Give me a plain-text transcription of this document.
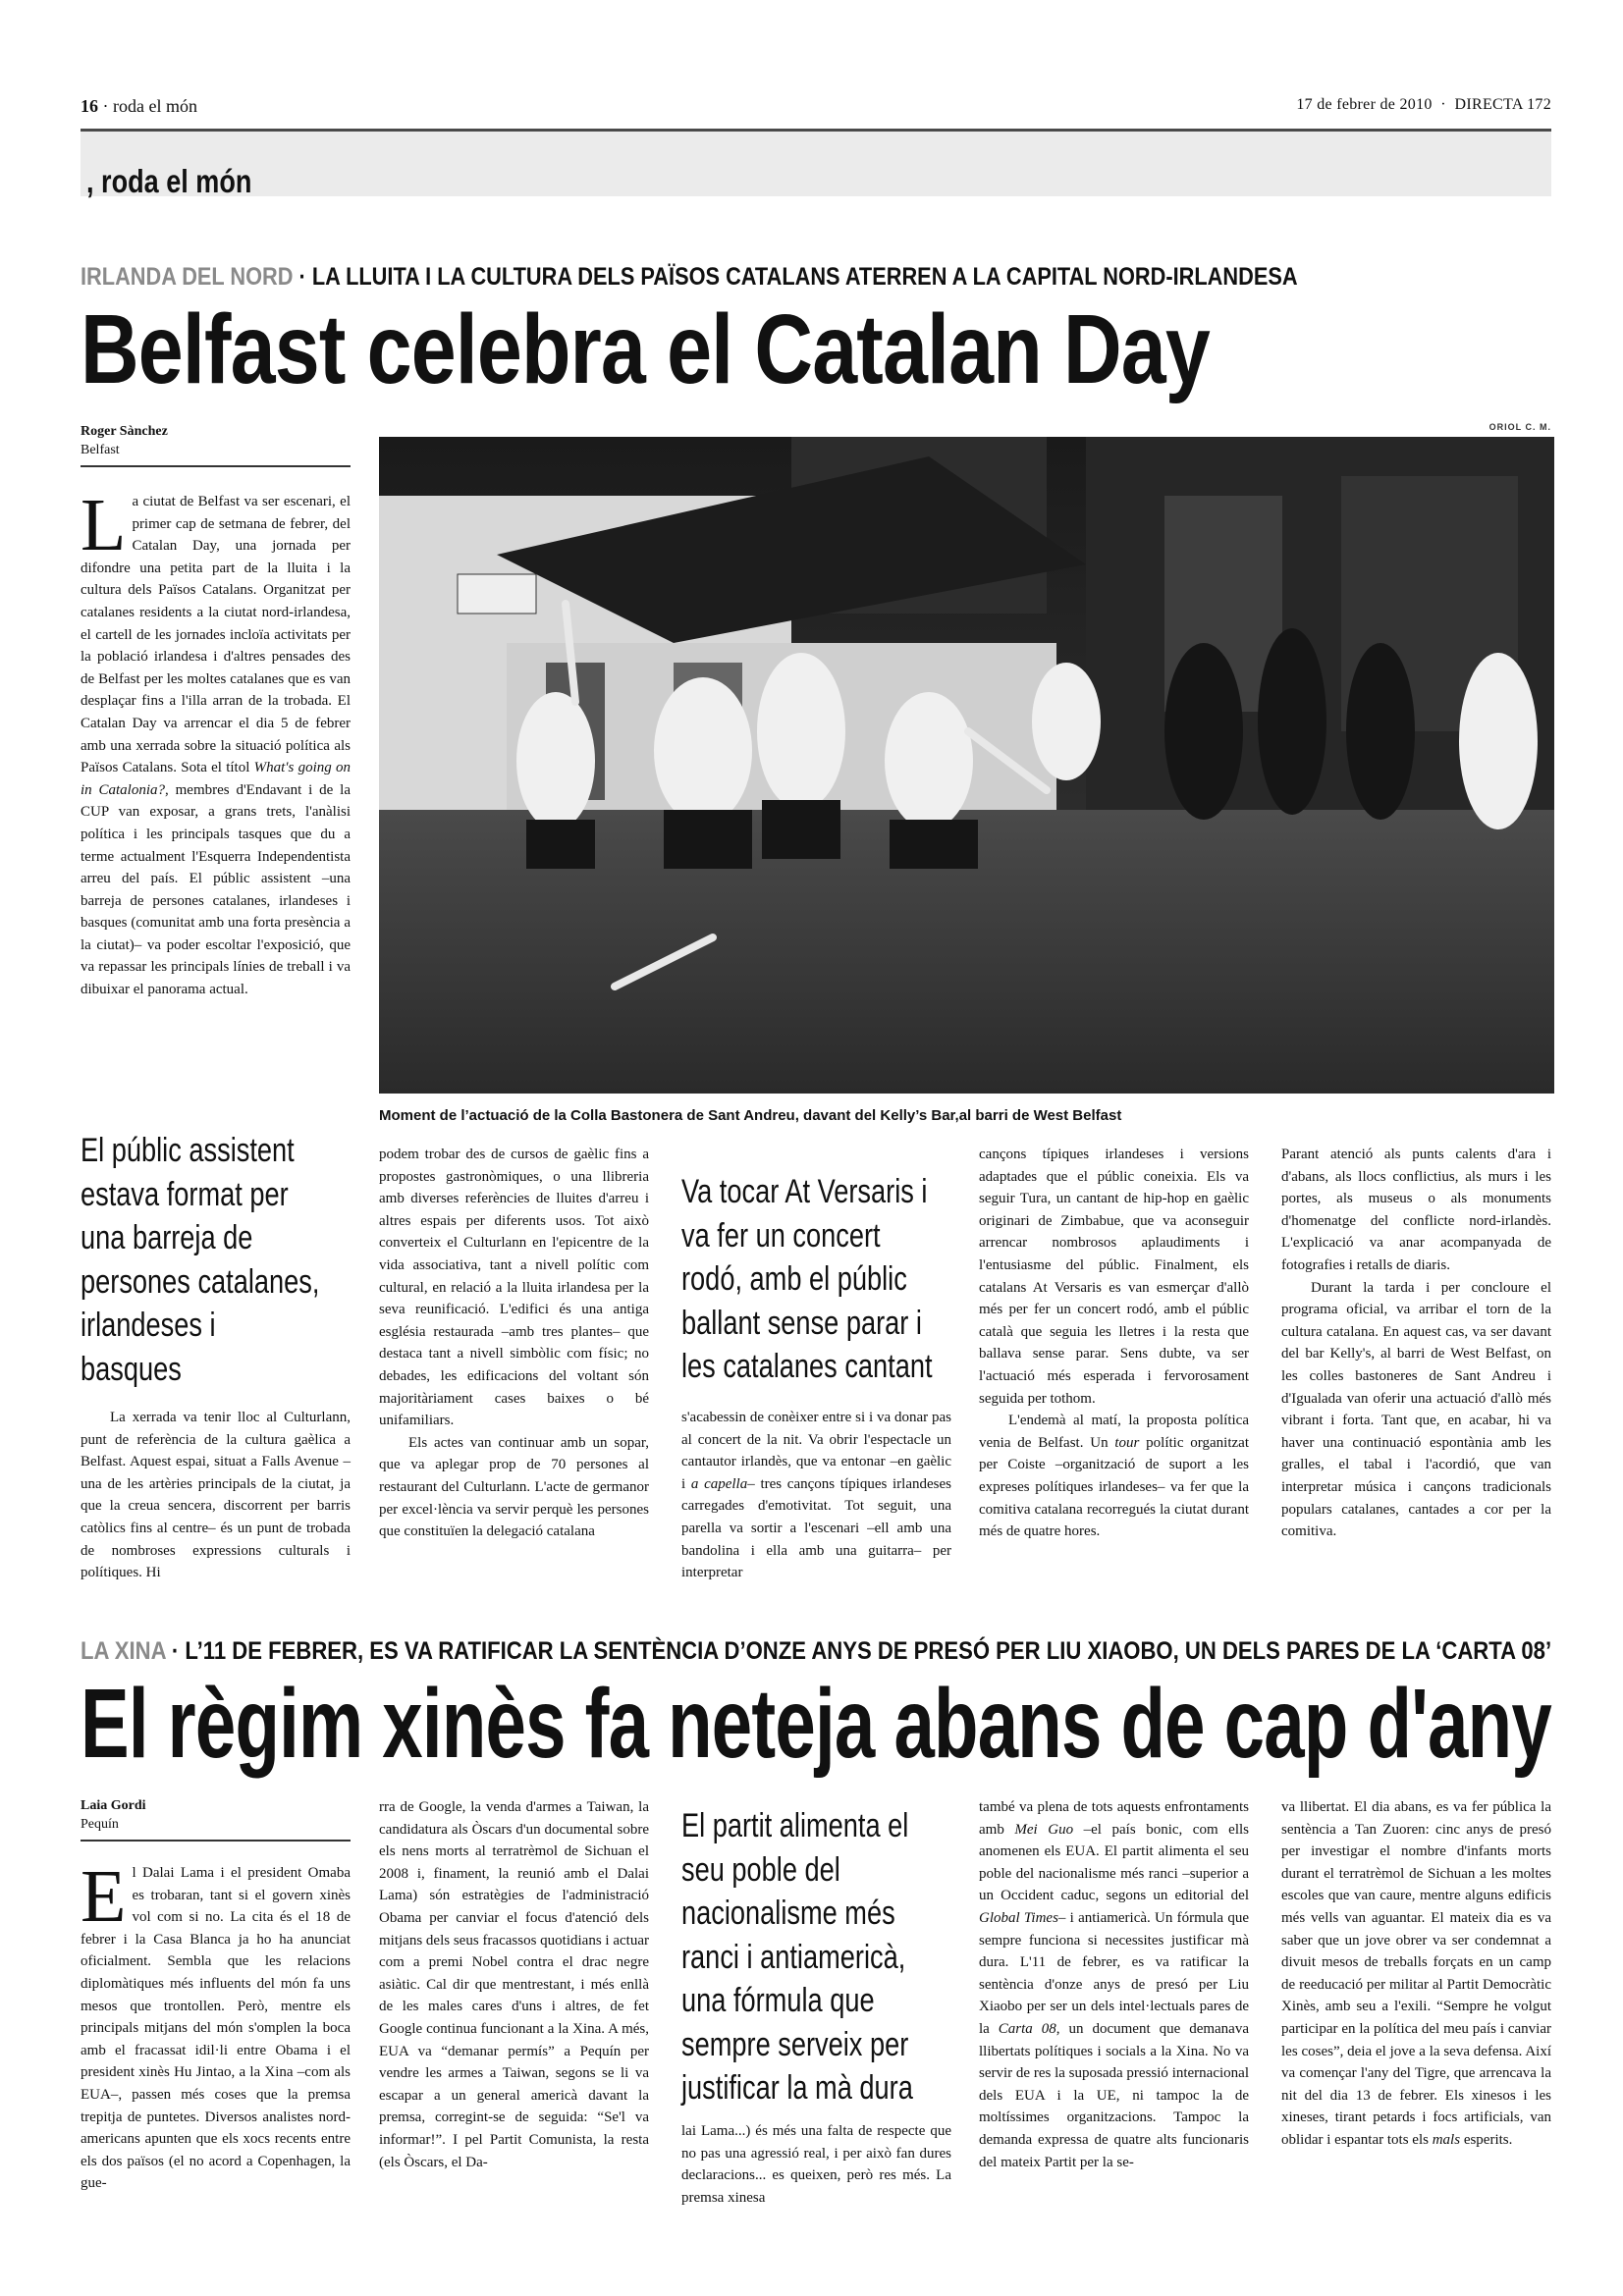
16 · roda el món	17 de febrer de 2010  ·  DIRECTA 172
, roda el món
IRLANDA DEL NORD · LA LLUITA I LA CULTURA DELS PAÏSOS CATALANS ATERREN A LA CAPITAL NORD-IRLANDESA
Belfast celebra el Catalan Day
Roger Sànchez
Belfast
ORIOL C. M.
Moment de l’actuació de la Colla Bastonera de Sant Andreu, davant del Kelly’s Bar,al barri de West Belfast
L a ciutat de Belfast va ser escenari, el primer cap de setmana de febrer, del Catalan Day, una jornada per difondre una petita part de la lluita i la cultura dels Països Catalans. Organitzat per catalanes residents a la ciutat nord-irlandesa, el cartell de les jornades incloïa activitats per la població irlandesa i d'altres pensades des de Belfast per les moltes catalanes que es van desplaçar fins a l'illa arran de la trobada. El Catalan Day va arrencar el dia 5 de febrer amb una xerrada sobre la situació política als Països Catalans. Sota el títol What's going on in Catalonia?, membres d'Endavant i de la CUP van exposar, a grans trets, l'anàlisi política i les principals tasques que du a terme actualment l'Esquerra Independentista arreu del país. El públic assistent –una barreja de persones catalanes, irlandeses i basques (comunitat amb una forta presència a la ciutat)– va poder escoltar l'exposició, que va repassar les principals línies de treball i va dibuixar el panorama actual.

El públic assistent
estava format per
una barreja de
persones catalanes,
irlandeses i
basques

La xerrada va tenir lloc al Culturlann, punt de referència de la cultura gaèlica a Belfast. Aquest espai, situat a Falls Avenue –una de les artèries principals de la ciutat, ja que la creua sencera, discorrent per barris catòlics fins al centre– és un punt de trobada de nombroses expressions culturals i polítiques. Hi

podem trobar des de cursos de gaèlic fins a propostes gastronòmiques, o una llibreria amb diverses referències de lluites d'arreu i altres espais per diferents usos. Tot això converteix el Culturlann en l'epicentre de la vida associativa, tant a nivell polític com cultural, en relació a la lluita irlandesa per la seva reunificació. L'edifici és una antiga església restaurada –amb tres plantes– que destaca tant a nivell simbòlic com físic; no debades, les edificacions del voltant són majoritàriament cases baixes o bé unifamiliars.

Els actes van continuar amb un sopar, que va aplegar prop de 70 persones al restaurant del Culturlann. L'acte de germanor per excel·lència va servir perquè les persones que constituïen la delegació catalana

Va tocar At Versaris i
va fer un concert
rodó, amb el públic
ballant sense parar i
les catalanes cantant

s'acabessin de conèixer entre si i va donar pas al concert de la nit. Va obrir l'espectacle un cantautor irlandès, que va entonar –en gaèlic i a capella– tres cançons típiques irlandeses carregades d'emotivitat. Tot seguit, una parella va sortir a l'escenari –ell amb una bandolina i ella amb una guitarra– per interpretar

cançons típiques irlandeses i versions adaptades que el públic coneixia. Els va seguir Tura, un cantant de hip-hop en gaèlic originari de Zimbabue, que va aconseguir arrencar nombrosos aplaudiments i l'entusiasme del públic. Finalment, els catalans At Versaris es van esmerçar d'allò més per fer un concert rodó, amb el públic català que seguia les lletres i la resta que ballava sense parar. Sens dubte, va ser l'actuació més esperada i fervorosament seguida per tothom.

L'endemà al matí, la proposta política venia de Belfast. Un tour polític organitzat per Coiste –organització de suport a les expreses polítiques irlandeses– va fer que la comitiva catalana recorregués la ciutat durant més de quatre hores.

Parant atenció als punts calents d'ara i d'abans, als llocs conflictius, als murs i les portes, als museus o als monuments d'homenatge del conflicte nord-irlandès. L'explicació va anar acompanyada de fotografies i retalls de diaris.

Durant la tarda i per concloure el programa oficial, va arribar el torn de la cultura catalana. En aquest cas, va ser davant del bar Kelly's, al barri de West Belfast, on les colles bastoneres de Sant Andreu i d'Igualada van oferir una actuació d'allò més vibrant i forta. Tant que, en acabar, hi va haver una continuació espontània amb les gralles, el tabal i l'acordió, que van interpretar música i cançons tradicionals populars catalanes, cantades a cor per la comitiva.

LA XINA · L’11 DE FEBRER, ES VA RATIFICAR LA SENTÈNCIA D’ONZE ANYS DE PRESÓ PER LIU XIAOBO, UN DELS PARES DE LA ‘CARTA 08’
El règim xinès fa neteja abans de cap d'any
Laia Gordi
Pequín
E l Dalai Lama i el president Omaba es trobaran, tant si el govern xinès vol com si no. La cita és el 18 de febrer i la Casa Blanca ja ho ha anunciat oficialment. Sembla que les relacions diplomàtiques més influents del món fa uns mesos que trontollen. Però, mentre els principals mitjans del món s'omplen la boca amb el fracassat idil·li entre Obama i el president xinès Hu Jintao, a la Xina –com als EUA–, passen més coses que la premsa trepitja de puntetes. Diversos analistes nord-americans apunten que els xocs recents entre els dos països (el no acord a Copenhagen, la gue-

rra de Google, la venda d'armes a Taiwan, la candidatura als Òscars d'un documental sobre els nens morts al terratrèmol de Sichuan el 2008 i, finament, la reunió amb el Dalai Lama) són estratègies de l'administració Obama per canviar el focus d'atenció dels mitjans dels seus fracassos quotidians i actuar com a premi Nobel contra el drac negre asiàtic. Cal dir que mentrestant, i més enllà de les males cares d'uns i altres, de fet Google continua funcionant a la Xina. A més, EUA va “demanar permís” a Pequín per vendre les armes a Taiwan, segons se li va escapar a un general americà davant la premsa, corregint-se de seguida: “Se'l va informar!”. I pel Partit Comunista, la resta (els Òscars, el Da-

El partit alimenta el
seu poble del
nacionalisme més
ranci i antiamericà,
una fórmula que
sempre serveix per
justificar la mà dura

lai Lama...) és més una falta de respecte que no pas una agressió real, i per això fan dures declaracions... es queixen, però res més. La premsa xinesa

també va plena de tots aquests enfrontaments amb Mei Guo –el país bonic, com ells anomenen els EUA. El partit alimenta el seu poble del nacionalisme més ranci –superior a un Occident caduc, segons un editorial del Global Times– i antiamericà. Un fórmula que sempre funciona si necessites justificar mà dura. L'11 de febrer, es va ratificar la sentència d'onze anys de presó per Liu Xiaobo per ser un dels intel·lectuals pares de la Carta 08, un document que demanava llibertats polítiques i socials a la Xina. No va servir de res la suposada pressió internacional dels EUA i la UE, ni tampoc la de moltíssimes organitzacions. Tampoc la demanda expressa de quatre alts funcionaris del mateix Partit per la se-

va llibertat. El dia abans, es va fer pública la sentència a Tan Zuoren: cinc anys de presó per investigar el nombre d'infants morts durant el terratrèmol de Sichuan a les moltes escoles que van caure, mentre alguns edificis més vells van aguantar. El mateix dia es va saber que un jove obrer va ser condemnat a divuit mesos de treballs forçats en un camp de reeducació per militar al Partit Democràtic Xinès, amb seu a l'exili. “Sempre he volgut participar en la política del meu país i canviar les coses”, deia el jove a la seva defensa. Així va començar l'any del Tigre, que arrencava la nit del dia 13 de febrer. Els xinesos i les xineses, tirant petards i focs artificials, van oblidar i espantar tots els mals esperits.
